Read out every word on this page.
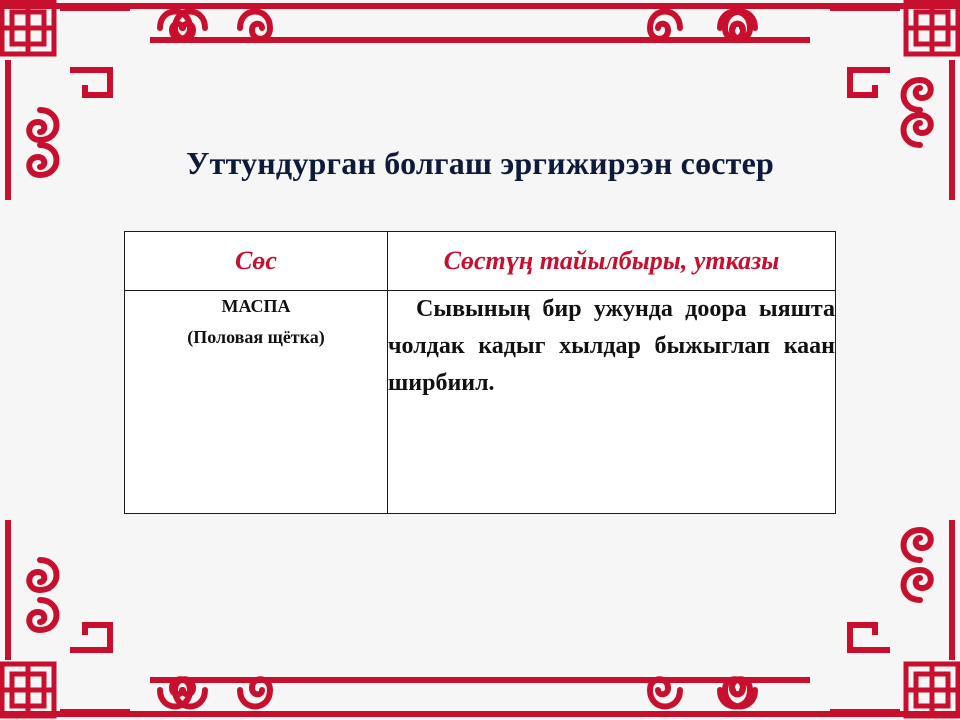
Уттундурган болгаш эргижирээн сөстер
Сөс	Сөстүң тайылбыры, утказы

МАСПА
(Половая щётка)	Сывының бир ужунда доора ыяшта чолдак кадыг хылдар быжыглап каан ширбиил.
